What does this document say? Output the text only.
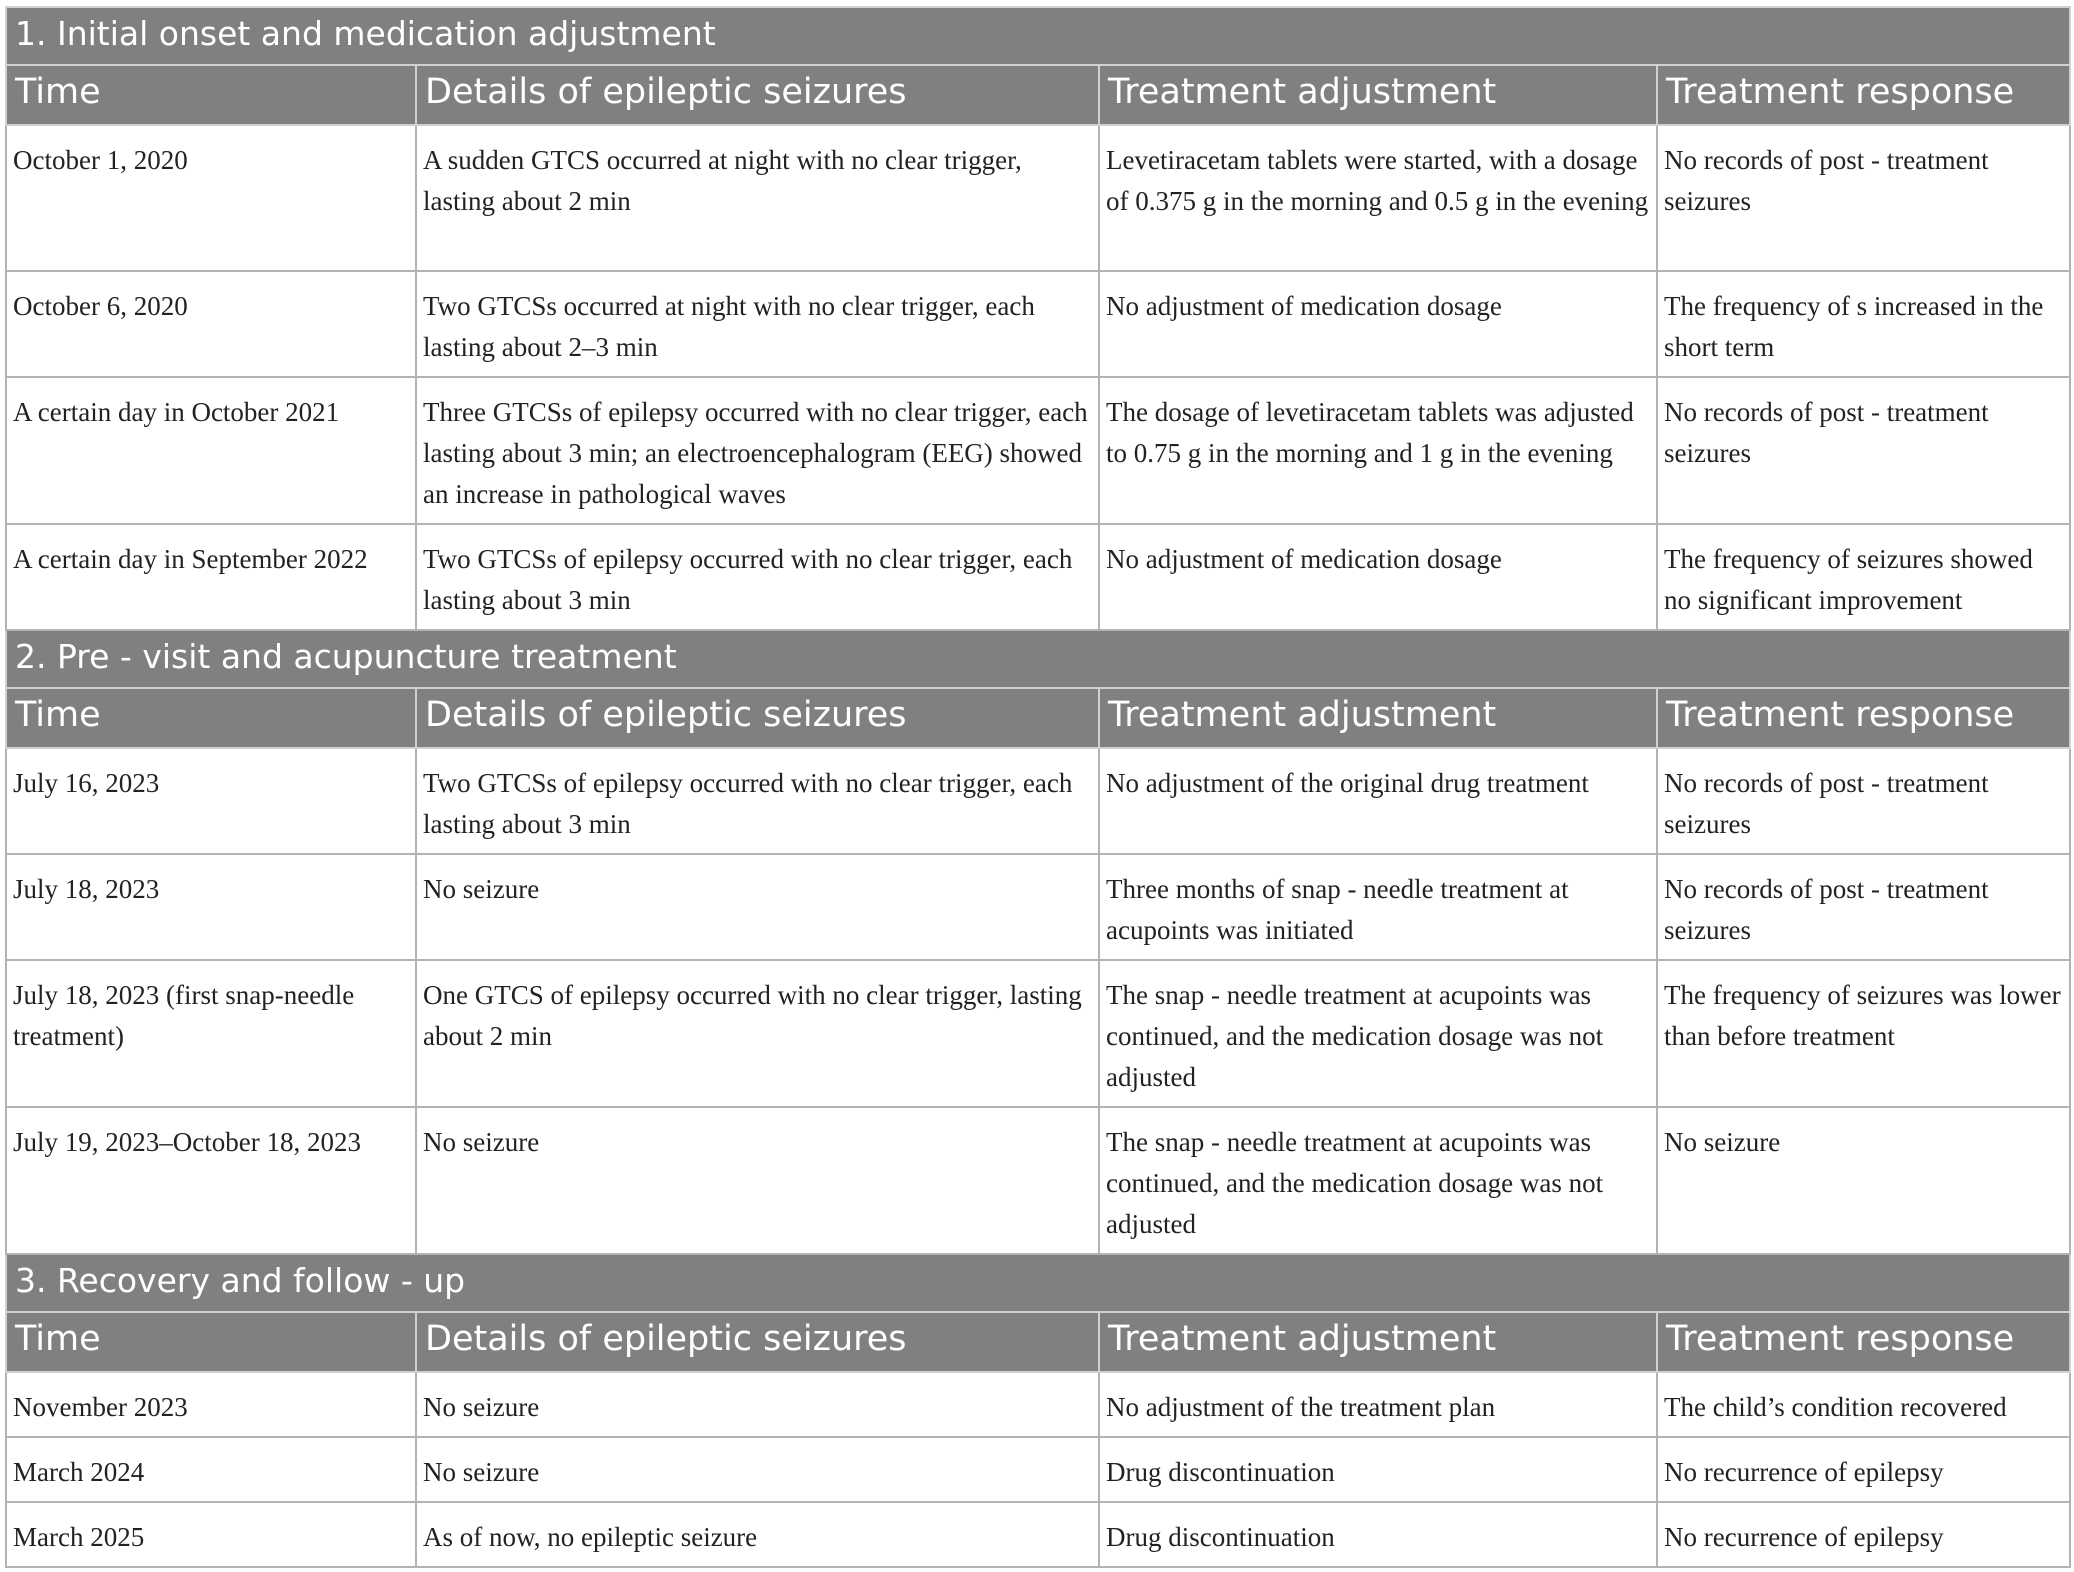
1. Initial onset and medication adjustment			
Time	Details of epileptic seizures	Treatment adjustment	Treatment response
October 1, 2020	A sudden GTCS occurred at night with no clear trigger, lasting about 2 min	Levetiracetam tablets were started, with a dosage of 0.375 g in the morning and 0.5 g in the evening	No records of post - treatment seizures
October 6, 2020	Two GTCSs occurred at night with no clear trigger, each lasting about 2–3 min	No adjustment of medication dosage	The frequency of s increased in the short term
A certain day in October 2021	Three GTCSs of epilepsy occurred with no clear trigger, each lasting about 3 min; an electroencephalogram (EEG) showed an increase in pathological waves	The dosage of levetiracetam tablets was adjusted to 0.75 g in the morning and 1 g in the evening	No records of post - treatment seizures
A certain day in September 2022	Two GTCSs of epilepsy occurred with no clear trigger, each lasting about 3 min	No adjustment of medication dosage	The frequency of seizures showed no significant improvement
2. Pre - visit and acupuncture treatment			
Time	Details of epileptic seizures	Treatment adjustment	Treatment response
July 16, 2023	Two GTCSs of epilepsy occurred with no clear trigger, each lasting about 3 min	No adjustment of the original drug treatment	No records of post - treatment seizures
July 18, 2023	No seizure	Three months of snap - needle treatment at acupoints was initiated	No records of post - treatment seizures
July 18, 2023 (first snap-needle treatment)	One GTCS of epilepsy occurred with no clear trigger, lasting about 2 min	The snap - needle treatment at acupoints was continued, and the medication dosage was not adjusted	The frequency of seizures was lower than before treatment
July 19, 2023–October 18, 2023	No seizure	The snap - needle treatment at acupoints was continued, and the medication dosage was not adjusted	No seizure
3. Recovery and follow - up			
Time	Details of epileptic seizures	Treatment adjustment	Treatment response
November 2023	No seizure	No adjustment of the treatment plan	The child’s condition recovered
March 2024	No seizure	Drug discontinuation	No recurrence of epilepsy
March 2025	As of now, no epileptic seizure	Drug discontinuation	No recurrence of epilepsy
